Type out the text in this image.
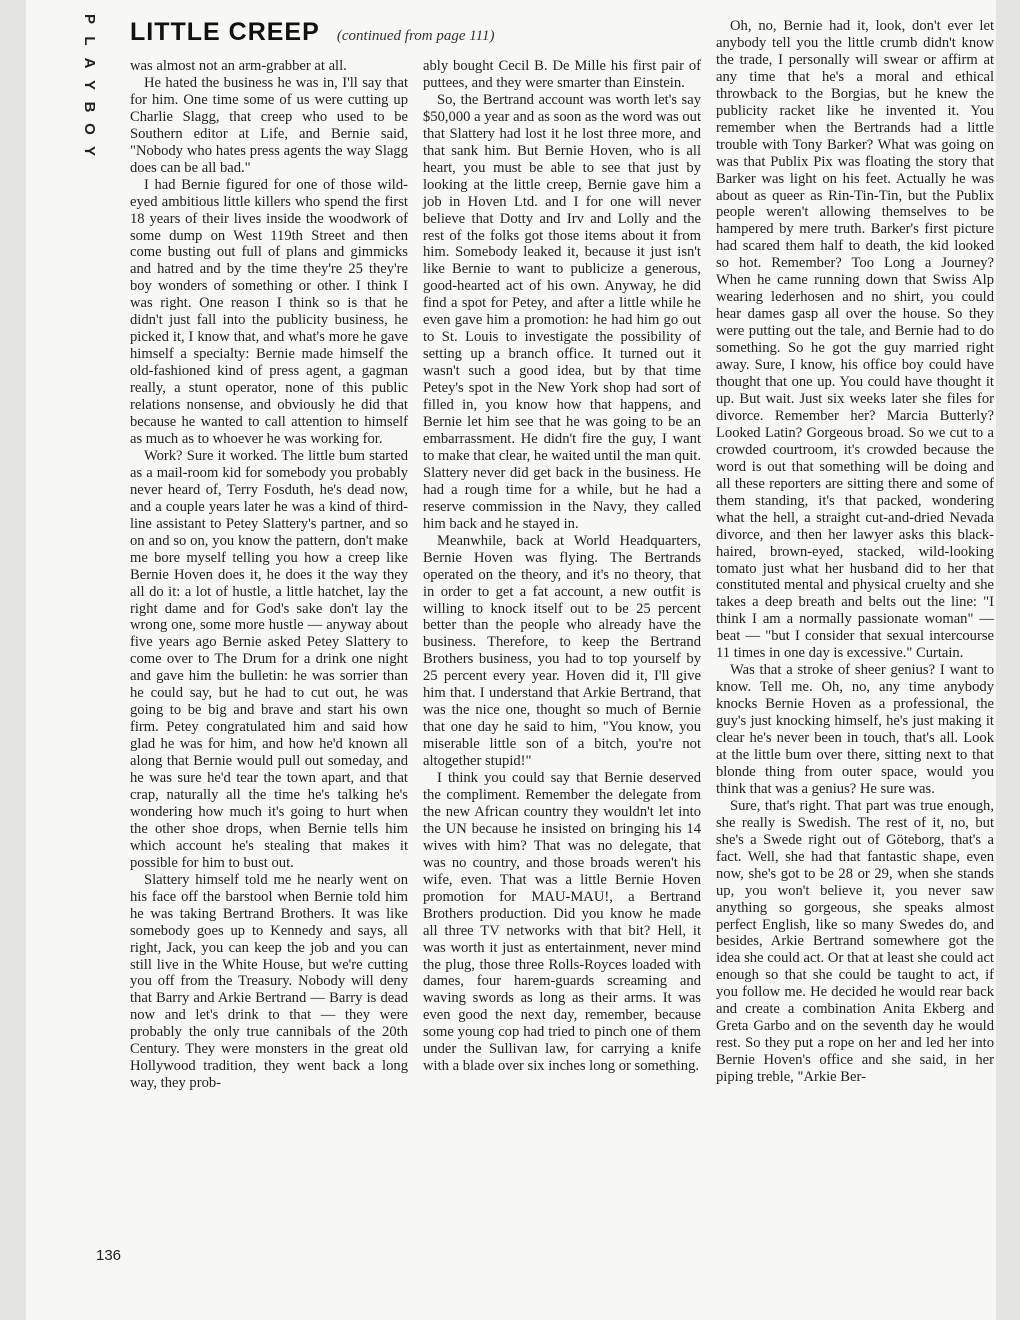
P
L
A
Y
B
O
Y
LITTLE CREEP (continued from page 111)

was almost not an arm-grabber at all.

He hated the business he was in, I'll say that for him. One time some of us were cutting up Charlie Slagg, that creep who used to be Southern editor at Life, and Bernie said, "Nobody who hates press agents the way Slagg does can be all bad."

I had Bernie figured for one of those wild-eyed ambitious little killers who spend the first 18 years of their lives inside the woodwork of some dump on West 119th Street and then come busting out full of plans and gimmicks and hatred and by the time they're 25 they're boy wonders of something or other. I think I was right. One reason I think so is that he didn't just fall into the publicity business, he picked it, I know that, and what's more he gave himself a specialty: Bernie made himself the old-fashioned kind of press agent, a gagman really, a stunt operator, none of this public relations nonsense, and obviously he did that because he wanted to call attention to himself as much as to whoever he was working for.

Work? Sure it worked. The little bum started as a mail-room kid for somebody you probably never heard of, Terry Fosduth, he's dead now, and a couple years later he was a kind of third-line assistant to Petey Slattery's partner, and so on and so on, you know the pattern, don't make me bore myself telling you how a creep like Bernie Hoven does it, he does it the way they all do it: a lot of hustle, a little hatchet, lay the right dame and for God's sake don't lay the wrong one, some more hustle — anyway about five years ago Bernie asked Petey Slattery to come over to The Drum for a drink one night and gave him the bulletin: he was sorrier than he could say, but he had to cut out, he was going to be big and brave and start his own firm. Petey congratulated him and said how glad he was for him, and how he'd known all along that Bernie would pull out someday, and he was sure he'd tear the town apart, and that crap, naturally all the time he's talking he's wondering how much it's going to hurt when the other shoe drops, when Bernie tells him which account he's stealing that makes it possible for him to bust out.

Slattery himself told me he nearly went on his face off the barstool when Bernie told him he was taking Bertrand Brothers. It was like somebody goes up to Kennedy and says, all right, Jack, you can keep the job and you can still live in the White House, but we're cutting you off from the Treasury. Nobody will deny that Barry and Arkie Bertrand — Barry is dead now and let's drink to that — they were probably the only true cannibals of the 20th Century. They were monsters in the great old Hollywood tradition, they went back a long way, they prob-

ably bought Cecil B. De Mille his first pair of puttees, and they were smarter than Einstein.

So, the Bertrand account was worth let's say $50,000 a year and as soon as the word was out that Slattery had lost it he lost three more, and that sank him. But Bernie Hoven, who is all heart, you must be able to see that just by looking at the little creep, Bernie gave him a job in Hoven Ltd. and I for one will never believe that Dotty and Irv and Lolly and the rest of the folks got those items about it from him. Somebody leaked it, because it just isn't like Bernie to want to publicize a generous, good-hearted act of his own. Anyway, he did find a spot for Petey, and after a little while he even gave him a promotion: he had him go out to St. Louis to investigate the possibility of setting up a branch office. It turned out it wasn't such a good idea, but by that time Petey's spot in the New York shop had sort of filled in, you know how that happens, and Bernie let him see that he was going to be an embarrassment. He didn't fire the guy, I want to make that clear, he waited until the man quit. Slattery never did get back in the business. He had a rough time for a while, but he had a reserve commission in the Navy, they called him back and he stayed in.

Meanwhile, back at World Headquarters, Bernie Hoven was flying. The Bertrands operated on the theory, and it's no theory, that in order to get a fat account, a new outfit is willing to knock itself out to be 25 percent better than the people who already have the business. Therefore, to keep the Bertrand Brothers business, you had to top yourself by 25 percent every year. Hoven did it, I'll give him that. I understand that Arkie Bertrand, that was the nice one, thought so much of Bernie that one day he said to him, "You know, you miserable little son of a bitch, you're not altogether stupid!"

I think you could say that Bernie deserved the compliment. Remember the delegate from the new African country they wouldn't let into the UN because he insisted on bringing his 14 wives with him? That was no delegate, that was no country, and those broads weren't his wife, even. That was a little Bernie Hoven promotion for MAU-MAU!, a Bertrand Brothers production. Did you know he made all three TV networks with that bit? Hell, it was worth it just as entertainment, never mind the plug, those three Rolls-Royces loaded with dames, four harem-guards screaming and waving swords as long as their arms. It was even good the next day, remember, because some young cop had tried to pinch one of them under the Sullivan law, for carrying a knife with a blade over six inches long or something.

Oh, no, Bernie had it, look, don't ever let anybody tell you the little crumb didn't know the trade, I personally will swear or affirm at any time that he's a moral and ethical throwback to the Borgias, but he knew the publicity racket like he invented it. You remember when the Bertrands had a little trouble with Tony Barker? What was going on was that Publix Pix was floating the story that Barker was light on his feet. Actually he was about as queer as Rin-Tin-Tin, but the Publix people weren't allowing themselves to be hampered by mere truth. Barker's first picture had scared them half to death, the kid looked so hot. Remember? Too Long a Journey? When he came running down that Swiss Alp wearing lederhosen and no shirt, you could hear dames gasp all over the house. So they were putting out the tale, and Bernie had to do something. So he got the guy married right away. Sure, I know, his office boy could have thought that one up. You could have thought it up. But wait. Just six weeks later she files for divorce. Remember her? Marcia Butterly? Looked Latin? Gorgeous broad. So we cut to a crowded courtroom, it's crowded because the word is out that something will be doing and all these reporters are sitting there and some of them standing, it's that packed, wondering what the hell, a straight cut-and-dried Nevada divorce, and then her lawyer asks this black-haired, brown-eyed, stacked, wild-looking tomato just what her husband did to her that constituted mental and physical cruelty and she takes a deep breath and belts out the line: "I think I am a normally passionate woman" — beat — "but I consider that sexual intercourse 11 times in one day is excessive." Curtain.

Was that a stroke of sheer genius? I want to know. Tell me. Oh, no, any time anybody knocks Bernie Hoven as a professional, the guy's just knocking himself, he's just making it clear he's never been in touch, that's all. Look at the little bum over there, sitting next to that blonde thing from outer space, would you think that was a genius? He sure was.

Sure, that's right. That part was true enough, she really is Swedish. The rest of it, no, but she's a Swede right out of Göteborg, that's a fact. Well, she had that fantastic shape, even now, she's got to be 28 or 29, when she stands up, you won't believe it, you never saw anything so gorgeous, she speaks almost perfect English, like so many Swedes do, and besides, Arkie Bertrand somewhere got the idea she could act. Or that at least she could act enough so that she could be taught to act, if you follow me. He decided he would rear back and create a combination Anita Ekberg and Greta Garbo and on the seventh day he would rest. So they put a rope on her and led her into Bernie Hoven's office and she said, in her piping treble, "Arkie Ber-

136
